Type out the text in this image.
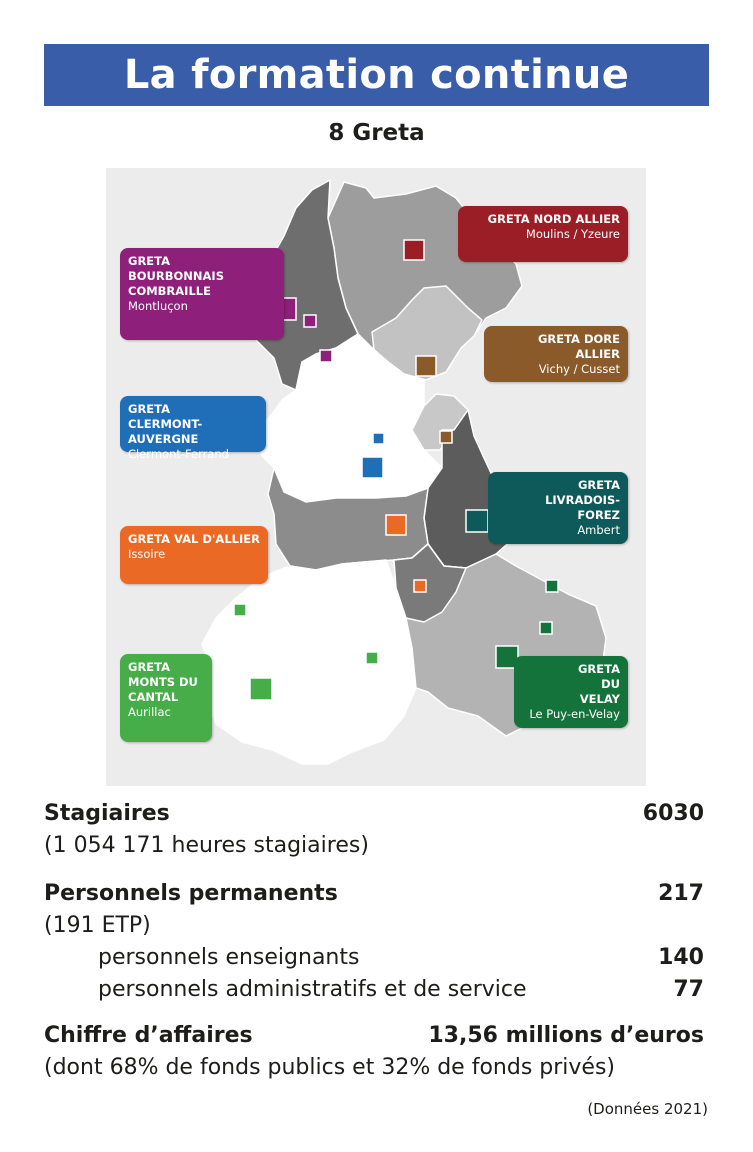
La formation continue
8 Greta
GRETA NORD ALLIER
Moulins / Yzeure
GRETA BOURBONNAIS COMBRAILLE
Montluçon
GRETA DORE ALLIER
Vichy / Cusset
GRETA CLERMONT-AUVERGNE
Clermont-Ferrand
GRETA LIVRADOIS-FOREZ
Ambert
GRETA VAL D'ALLIER
Issoire
GRETA MONTS DU CANTAL
Aurillac
GRETA DU VELAY
Le Puy-en-Velay
Stagiaires	6030
(1 054 171 heures stagiaires)
Personnels permanents	217
(191 ETP)
personnels enseignants	140
personnels administratifs et de service	77
Chiffre d’affaires	13,56 millions d’euros
(dont 68% de fonds publics et 32% de fonds privés)
(Données 2021)
